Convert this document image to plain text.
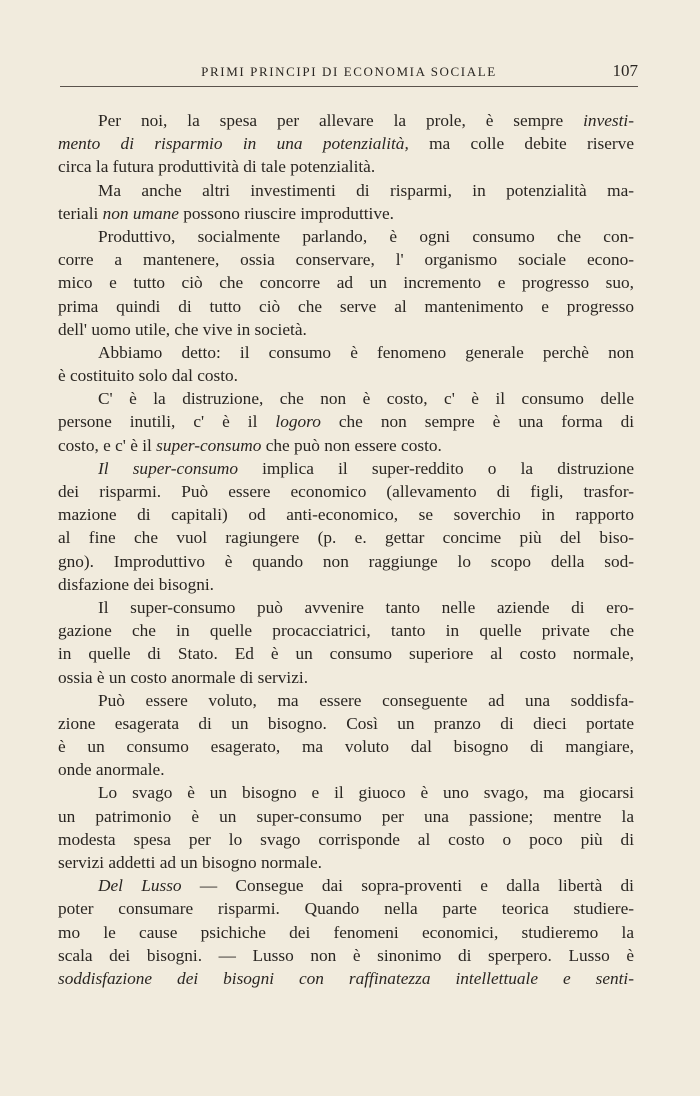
PRIMI PRINCIPI DI ECONOMIA SOCIALE	107
Per noi, la spesa per allevare la prole, è sempre investi-
mento di risparmio in una potenzialità, ma colle debite riserve
circa la futura produttività di tale potenzialità.
Ma anche altri investimenti di risparmi, in potenzialità ma-
teriali non umane possono riuscire improduttive.
Produttivo, socialmente parlando, è ogni consumo che con-
corre a mantenere, ossia conservare, l' organismo sociale econo-
mico e tutto ciò che concorre ad un incremento e progresso suo,
prima quindi di tutto ciò che serve al mantenimento e progresso
dell' uomo utile, che vive in società.
Abbiamo detto: il consumo è fenomeno generale perchè non
è costituito solo dal costo.
C' è la distruzione, che non è costo, c' è il consumo delle
persone inutili, c' è il logoro che non sempre è una forma di
costo, e c' è il super-consumo che può non essere costo.
Il super-consumo implica il super-reddito o la distruzione
dei risparmi. Può essere economico (allevamento di figli, trasfor-
mazione di capitali) od anti-economico, se soverchio in rapporto
al fine che vuol ragiungere (p. e. gettar concime più del biso-
gno). Improduttivo è quando non raggiunge lo scopo della sod-
disfazione dei bisogni.
Il super-consumo può avvenire tanto nelle aziende di ero-
gazione che in quelle procacciatrici, tanto in quelle private che
in quelle di Stato. Ed è un consumo superiore al costo normale,
ossia è un costo anormale di servizi.
Può essere voluto, ma essere conseguente ad una soddisfa-
zione esagerata di un bisogno. Così un pranzo di dieci portate
è un consumo esagerato, ma voluto dal bisogno di mangiare,
onde anormale.
Lo svago è un bisogno e il giuoco è uno svago, ma giocarsi
un patrimonio è un super-consumo per una passione; mentre la
modesta spesa per lo svago corrisponde al costo o poco più di
servizi addetti ad un bisogno normale.
Del Lusso — Consegue dai sopra-proventi e dalla libertà di
poter consumare risparmi. Quando nella parte teorica studiere-
mo le cause psichiche dei fenomeni economici, studieremo la
scala dei bisogni. — Lusso non è sinonimo di sperpero. Lusso è
soddisfazione dei bisogni con raffinatezza intellettuale e senti-
